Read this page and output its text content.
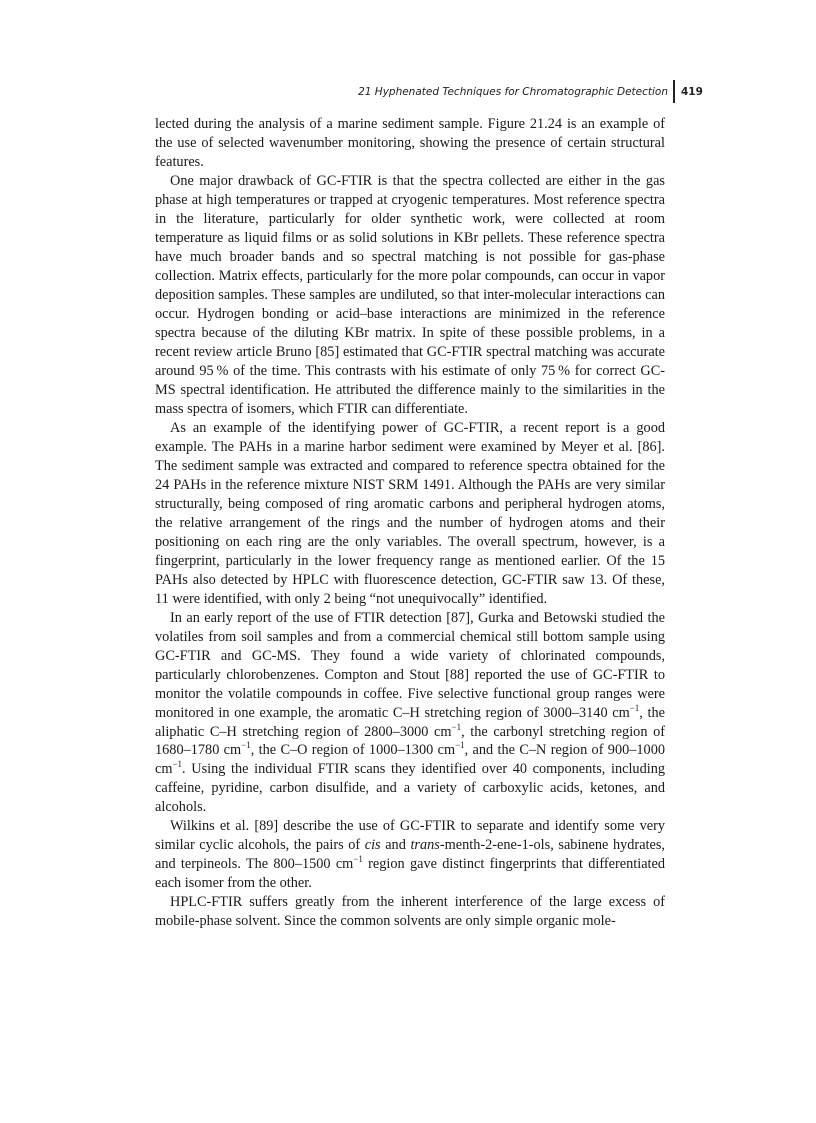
21 Hyphenated Techniques for Chromatographic Detection 419

lected during the analysis of a marine sediment sample. Figure 21.24 is an example of the use of selected wavenumber monitoring, showing the presence of certain structural features.

One major drawback of GC-FTIR is that the spectra collected are either in the gas phase at high temperatures or trapped at cryogenic temperatures. Most reference spectra in the literature, particularly for older synthetic work, were collected at room temperature as liquid films or as solid solutions in KBr pellets. These reference spectra have much broader bands and so spectral matching is not possible for gas-phase collection. Matrix effects, particularly for the more polar compounds, can occur in vapor deposition samples. These samples are undiluted, so that inter-molecular interactions can occur. Hydrogen bonding or acid–base interactions are minimized in the reference spectra because of the diluting KBr matrix. In spite of these possible problems, in a recent review article Bruno [85] estimated that GC-FTIR spectral matching was accurate around 95 % of the time. This contrasts with his estimate of only 75 % for correct GC-MS spectral identification. He attributed the difference mainly to the similarities in the mass spectra of isomers, which FTIR can differentiate.

As an example of the identifying power of GC-FTIR, a recent report is a good example. The PAHs in a marine harbor sediment were examined by Meyer et al. [86]. The sediment sample was extracted and compared to reference spectra obtained for the 24 PAHs in the reference mixture NIST SRM 1491. Although the PAHs are very similar structurally, being composed of ring aromatic carbons and peripheral hydrogen atoms, the relative arrangement of the rings and the number of hydrogen atoms and their positioning on each ring are the only variables. The overall spectrum, however, is a fingerprint, particularly in the lower frequency range as mentioned earlier. Of the 15 PAHs also detected by HPLC with fluorescence detection, GC-FTIR saw 13. Of these, 11 were identified, with only 2 being “not unequivocally” identified.

In an early report of the use of FTIR detection [87], Gurka and Betowski studied the volatiles from soil samples and from a commercial chemical still bottom sample using GC-FTIR and GC-MS. They found a wide variety of chlorinated compounds, particularly chlorobenzenes. Compton and Stout [88] reported the use of GC-FTIR to monitor the volatile compounds in coffee. Five selective functional group ranges were monitored in one example, the aromatic C–H stretching region of 3000–3140 $cm^{-1}$, the aliphatic C–H stretching region of 2800–3000 $cm^{-1}$, the carbonyl stretching region of 1680–1780 $cm^{-1}$, the C–O region of 1000–1300 $cm^{-1}$, and the C–N region of 900–1000 $cm^{-1}$. Using the individual FTIR scans they identified over 40 components, including caffeine, pyridine, carbon disulfide, and a variety of carboxylic acids, ketones, and alcohols.

Wilkins et al. [89] describe the use of GC-FTIR to separate and identify some very similar cyclic alcohols, the pairs of cis and trans-menth-2-ene-1-ols, sabinene hydrates, and terpineols. The 800–1500 $cm^{-1}$ region gave distinct fingerprints that differentiated each isomer from the other.

HPLC-FTIR suffers greatly from the inherent interference of the large excess of mobile-phase solvent. Since the common solvents are only simple organic mole-
